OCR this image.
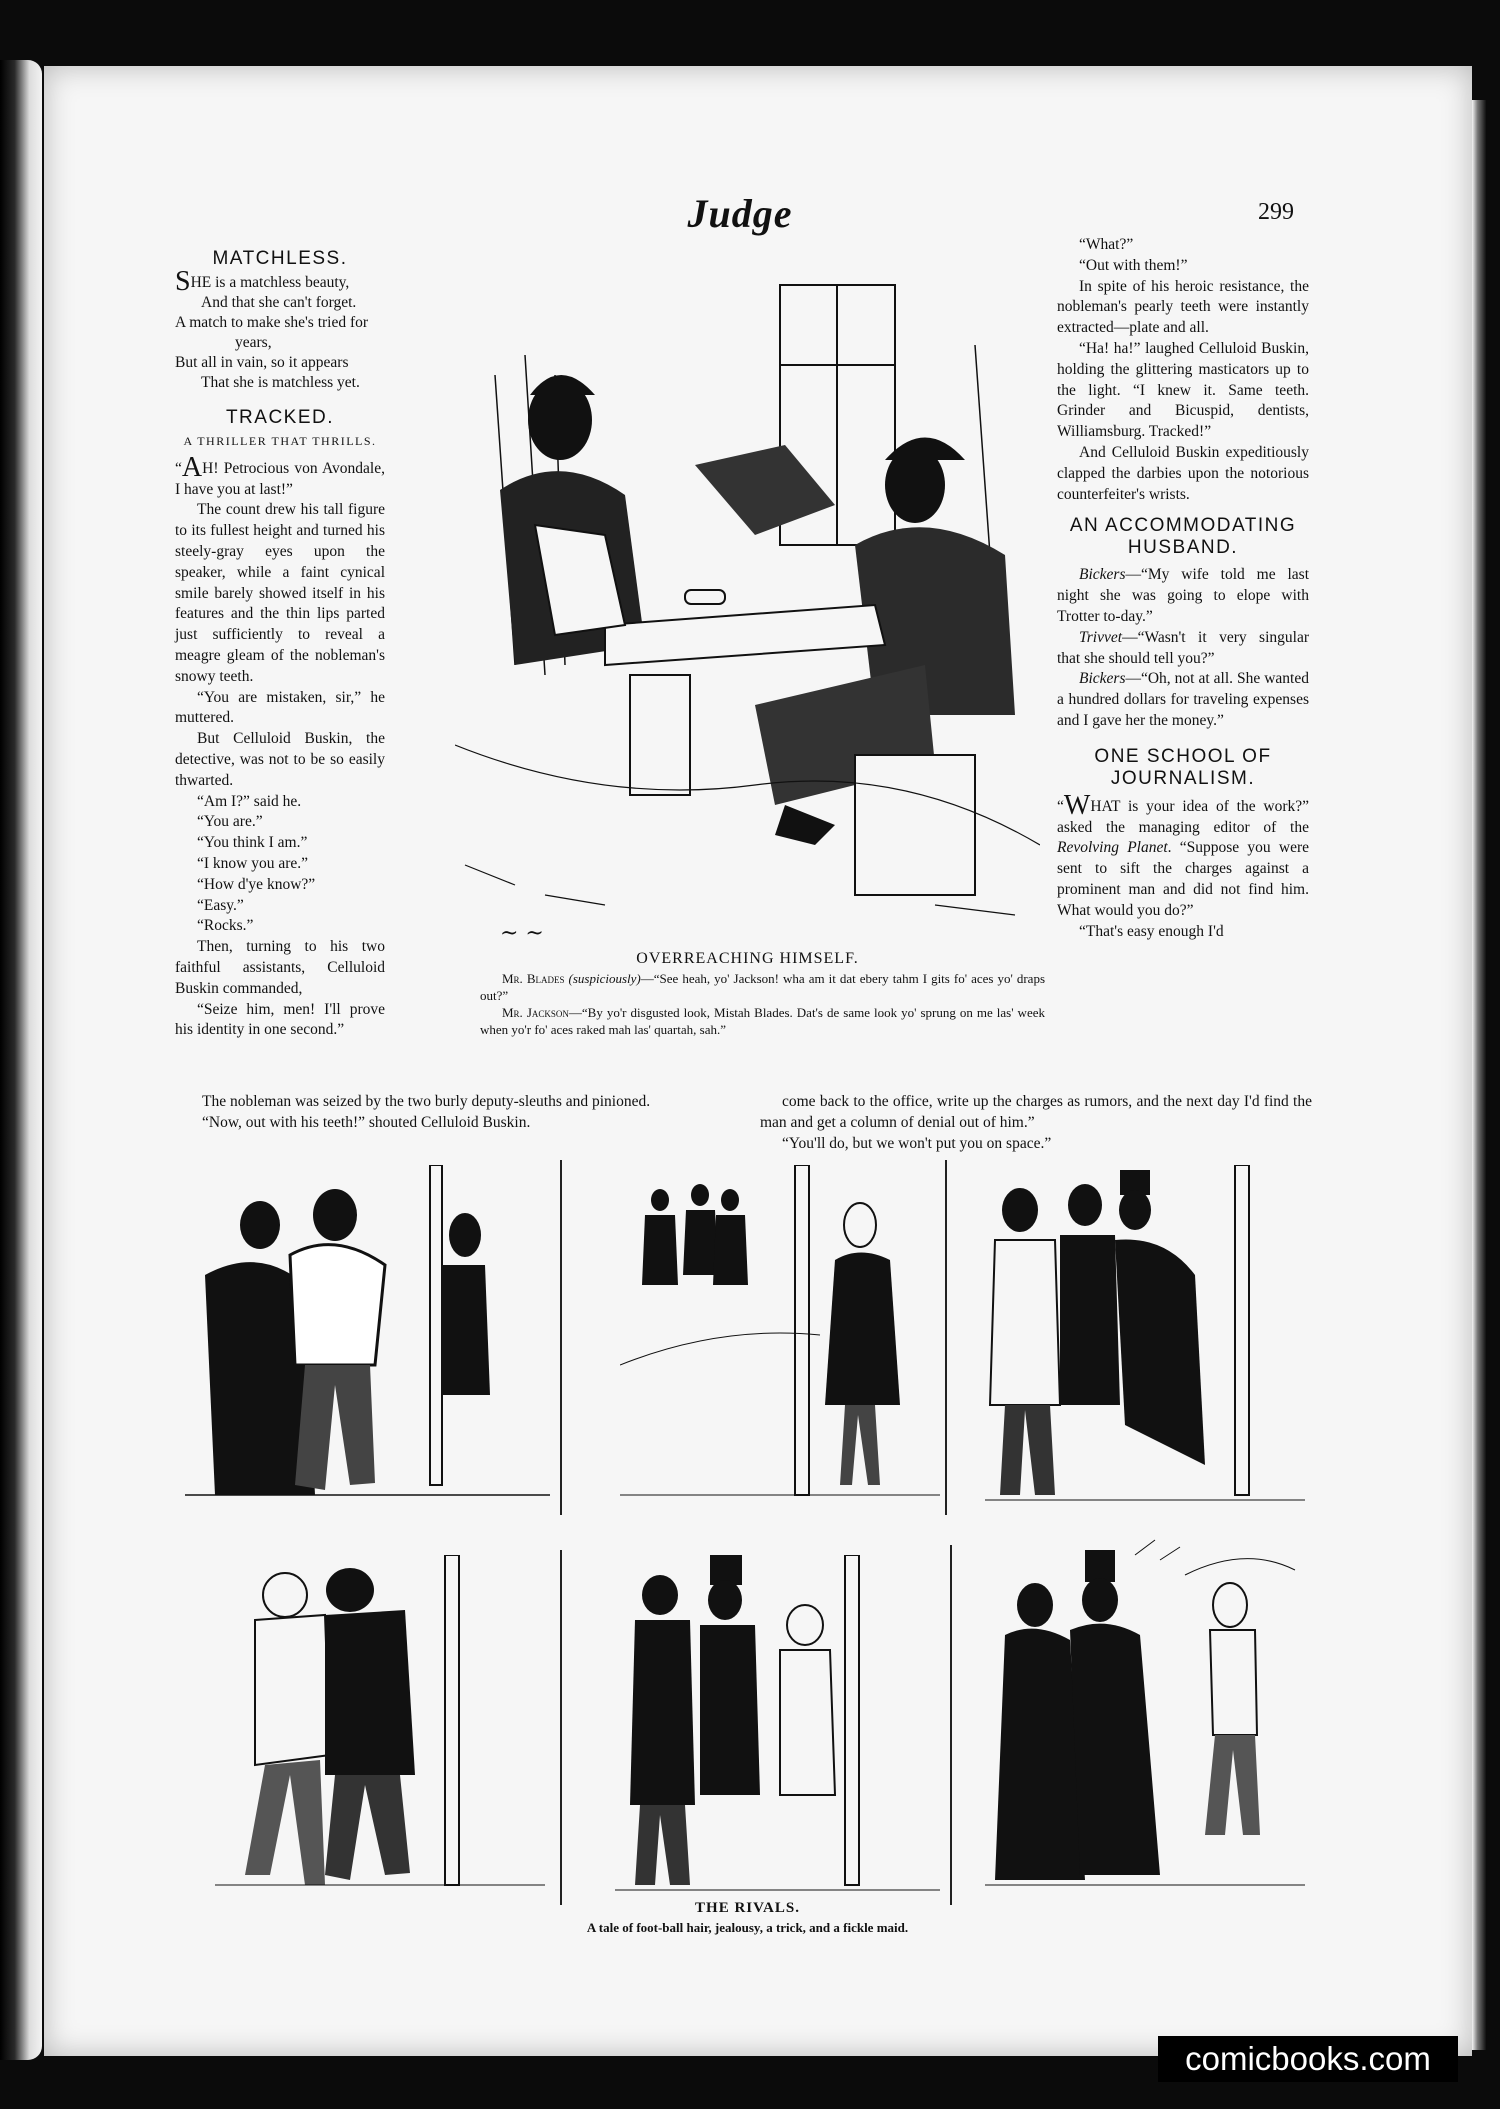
Judge	299
MATCHLESS.
SHE is a matchless beauty,
And that she can't forget.
A match to make she's tried for
years,
But all in vain, so it appears
That she is matchless yet.
TRACKED.
A THRILLER THAT THRILLS.

“AH! Petrocious von Avondale, I have you at last!”

The count drew his tall figure to its fullest height and turned his steely-gray eyes upon the speaker, while a faint cynical smile barely showed itself in his features and the thin lips parted just sufficiently to reveal a meagre gleam of the nobleman's snowy teeth.

“You are mistaken, sir,” he muttered.

But Celluloid Buskin, the detective, was not to be so easily thwarted.

“Am I?” said he.

“You are.”

“You think I am.”

“I know you are.”

“How d'ye know?”

“Easy.”

“Rocks.”

Then, turning to his two faithful assistants, Celluloid Buskin commanded,

“Seize him, men! I'll prove his identity in one second.”

~ ~
OVERREACHING HIMSELF.

Mr. Blades (suspiciously)—“See heah, yo' Jackson! wha am it dat ebery tahm I gits fo' aces yo' draps out?”

Mr. Jackson—“By yo'r disgusted look, Mistah Blades. Dat's de same look yo' sprung on me las' week when yo'r fo' aces raked mah las' quartah, sah.”

“What?”

“Out with them!”

In spite of his heroic resistance, the nobleman's pearly teeth were instantly extracted—plate and all.

“Ha! ha!” laughed Celluloid Buskin, holding the glittering masticators up to the light. “I knew it. Same teeth. Grinder and Bicuspid, dentists, Williamsburg. Tracked!”

And Celluloid Buskin expeditiously clapped the darbies upon the notorious counterfeiter's wrists.

AN ACCOMMODATING
HUSBAND.

Bickers—“My wife told me last night she was going to elope with Trotter to-day.”

Trivvet—“Wasn't it very singular that she should tell you?”

Bickers—“Oh, not at all. She wanted a hundred dollars for traveling expenses and I gave her the money.”

ONE SCHOOL OF
JOURNALISM.

“WHAT is your idea of the work?” asked the managing editor of the Revolving Planet. “Suppose you were sent to sift the charges against a prominent man and did not find him. What would you do?”

“That's easy enough I'd

The nobleman was seized by the two burly deputy-sleuths and pinioned.

“Now, out with his teeth!” shouted Celluloid Buskin.

come back to the office, write up the charges as rumors, and the next day I'd find the man and get a column of denial out of him.”

“You'll do, but we won't put you on space.”

THE RIVALS.
A tale of foot-ball hair, jealousy, a trick, and a fickle maid.
comicbooks.com
